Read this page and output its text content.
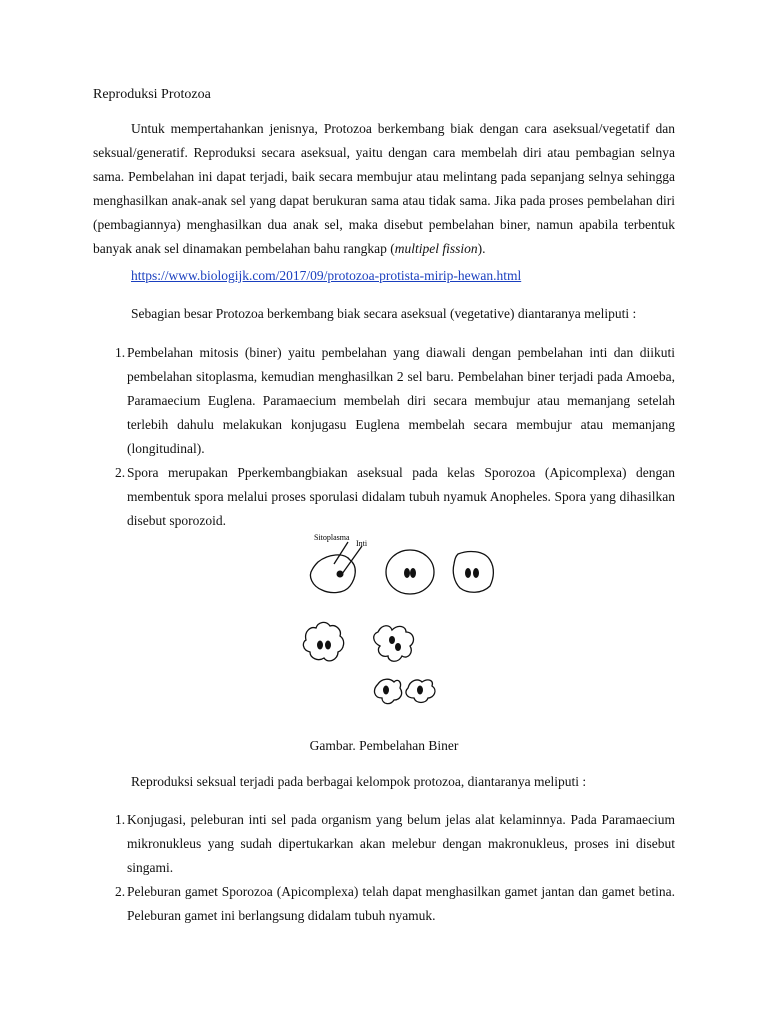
Reproduksi Protozoa

Untuk mempertahankan jenisnya, Protozoa berkembang biak dengan cara aseksual/vegetatif dan seksual/generatif. Reproduksi secara aseksual, yaitu dengan cara membelah diri atau pembagian selnya sama. Pembelahan ini dapat terjadi, baik secara membujur atau melintang pada sepanjang selnya sehingga menghasilkan anak-anak sel yang dapat berukuran sama atau tidak sama. Jika pada proses pembelahan diri (pembagiannya) menghasilkan dua anak sel, maka disebut pembelahan biner, namun apabila terbentuk banyak anak sel dinamakan pembelahan bahu rangkap (multipel fission).

https://www.biologijk.com/2017/09/protozoa-protista-mirip-hewan.html

Sebagian besar Protozoa berkembang biak secara aseksual (vegetative) diantaranya meliputi :

1. Pembelahan mitosis (biner) yaitu pembelahan yang diawali dengan pembelahan inti dan diikuti pembelahan sitoplasma, kemudian menghasilkan 2 sel baru. Pembelahan biner terjadi pada Amoeba, Paramaecium Euglena. Paramaecium membelah diri secara membujur atau memanjang setelah terlebih dahulu melakukan konjugasu Euglena membelah secara membujur atau memanjang (longitudinal).
2. Spora merupakan Pperkembangbiakan aseksual pada kelas Sporozoa (Apicomplexa) dengan membentuk spora melalui proses sporulasi didalam tubuh nyamuk Anopheles. Spora yang dihasilkan disebut sporozoid.
Sitoplasma
Inti
Gambar. Pembelahan Biner

Reproduksi seksual terjadi pada berbagai kelompok protozoa, diantaranya meliputi :

1. Konjugasi, peleburan inti sel pada organism yang belum jelas alat kelaminnya. Pada Paramaecium mikronukleus yang sudah dipertukarkan akan melebur dengan makronukleus, proses ini disebut singami.
2. Peleburan gamet Sporozoa (Apicomplexa) telah dapat menghasilkan gamet jantan dan gamet betina. Peleburan gamet ini berlangsung didalam tubuh nyamuk.
